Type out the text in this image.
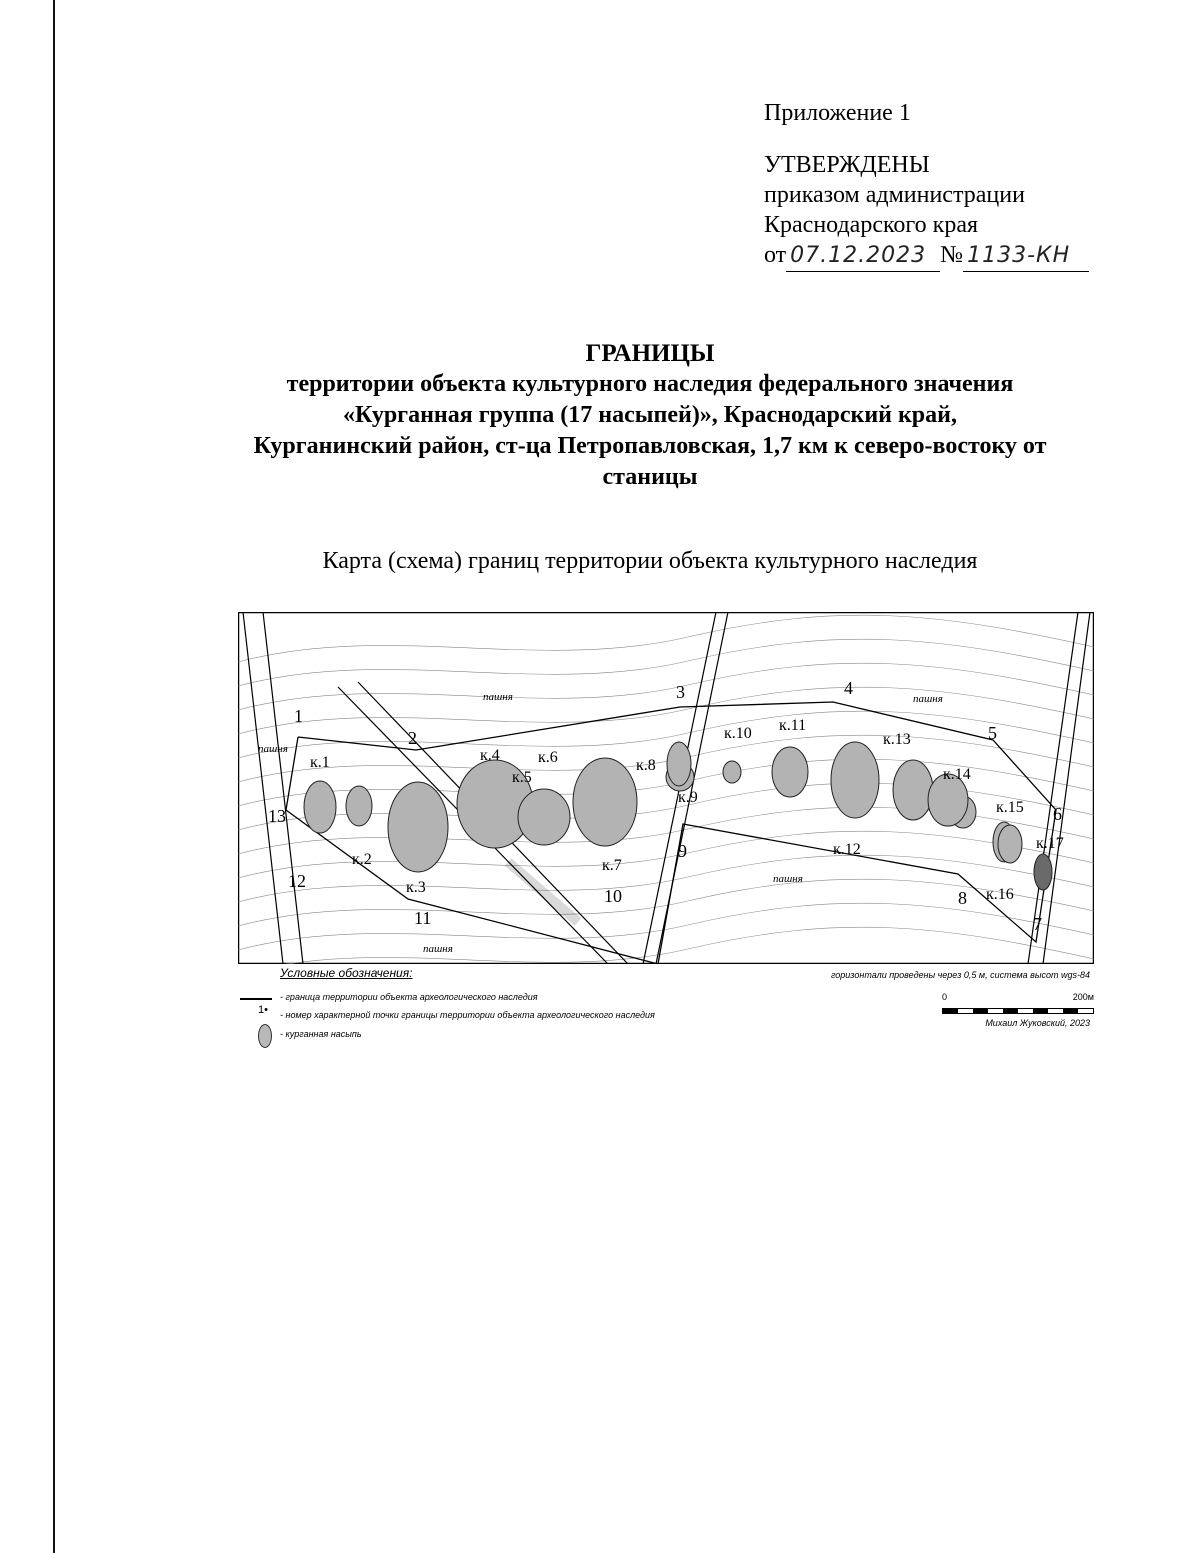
Приложение 1
УТВЕРЖДЕНЫ
приказом администрации
Краснодарского края
от 07.12.2023 № 1133-КН
ГРАНИЦЫ
территории объекта культурного наследия федерального значения
«Курганная группа (17 насыпей)», Краснодарский край,
Курганинский район, ст-ца Петропавловская, 1,7 км к северо-востоку от
станицы
Карта (схема) границ территории объекта культурного наследия
к.1
к.2
к.3
к.4
к.5
к.6
к.7
к.8
к.9
к.10 к.11
к.12
к.13
к.14
к.15
к.16
к.17
1
2
3	4
5
6
7
8
9
10
11
12
13
пашня	пашня
пашня
пашня
пашня
Условные обозначения:
- граница территории объекта археологического наследия
1• - номер характерной точки границы территории объекта археологического наследия
- курганная насыпь
горизонтали проведены через 0,5 м, система высот wgs-84
0	200м
Михаил Жуковский, 2023
